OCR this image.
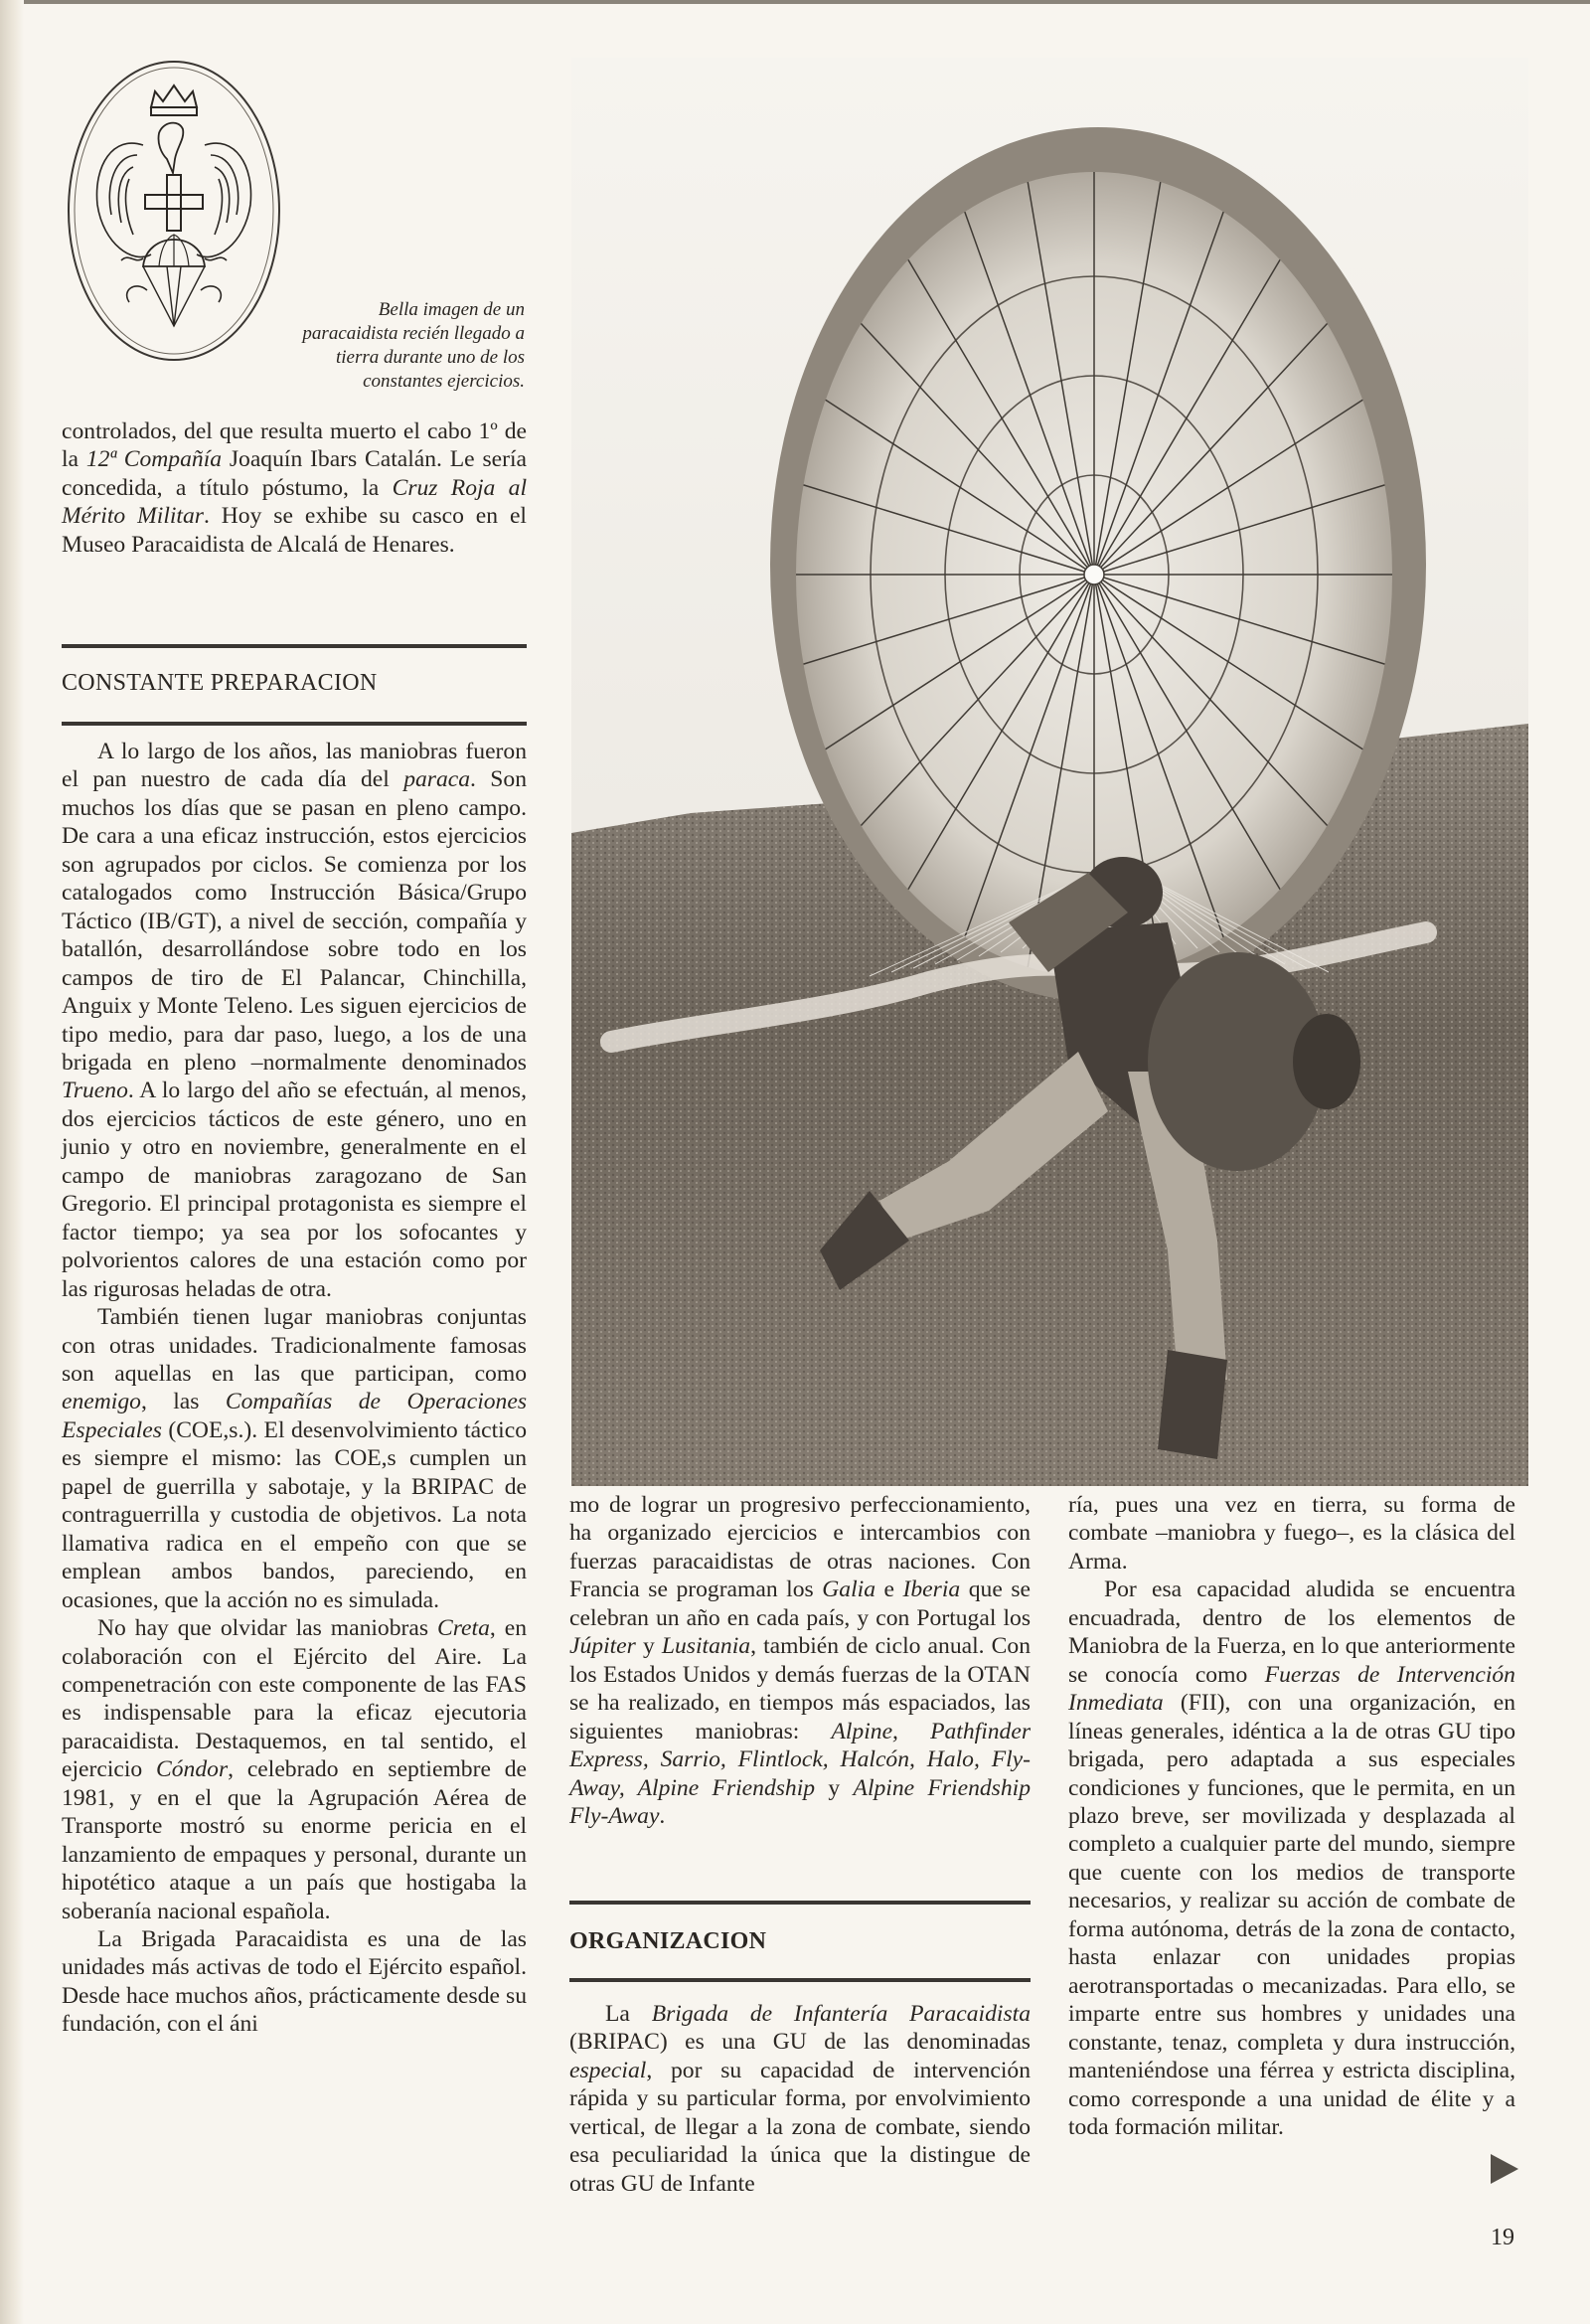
Bella imagen de un
paracaidista recién llegado a
tierra durante uno de los
constantes ejercicios.

controlados, del que resulta muerto el cabo 1º de la 12ª Compañía Joaquín Ibars Catalán. Le sería concedida, a título póstumo, la Cruz Roja al Mérito Militar. Hoy se exhibe su casco en el Museo Paracaidista de Alcalá de Henares.

CONSTANTE PREPARACION

A lo largo de los años, las maniobras fueron el pan nuestro de cada día del paraca. Son muchos los días que se pasan en pleno campo. De cara a una eficaz instrucción, estos ejercicios son agrupados por ciclos. Se comienza por los catalogados como Instrucción Básica/Grupo Táctico (IB/GT), a nivel de sección, compañía y batallón, desarrollándose sobre todo en los campos de tiro de El Palancar, Chinchilla, Anguix y Monte Teleno. Les siguen ejercicios de tipo medio, para dar paso, luego, a los de una brigada en pleno –normalmente denominados Trueno. A lo largo del año se efectuán, al menos, dos ejercicios tácticos de este género, uno en junio y otro en noviembre, generalmente en el campo de maniobras zaragozano de San Gregorio. El principal protagonista es siempre el factor tiempo; ya sea por los sofocantes y polvorientos calores de una estación como por las rigurosas heladas de otra.

También tienen lugar maniobras conjuntas con otras unidades. Tradicionalmente famosas son aquellas en las que participan, como enemigo, las Compañías de Operaciones Especiales (COE,s.). El desenvolvimiento táctico es siempre el mismo: las COE,s cumplen un papel de guerrilla y sabotaje, y la BRIPAC de contraguerrilla y custodia de objetivos. La nota llamativa radica en el empeño con que se emplean ambos bandos, pareciendo, en ocasiones, que la acción no es simulada.

No hay que olvidar las maniobras Creta, en colaboración con el Ejército del Aire. La compenetración con este componente de las FAS es indispensable para la eficaz ejecutoria paracaidista. Destaquemos, en tal sentido, el ejercicio Cóndor, celebrado en septiembre de 1981, y en el que la Agrupación Aérea de Transporte mostró su enorme pericia en el lanzamiento de empaques y personal, durante un hipotético ataque a un país que hostigaba la soberanía nacional española.

La Brigada Paracaidista es una de las unidades más activas de todo el Ejército español. Desde hace muchos años, prácticamente desde su fundación, con el áni

mo de lograr un progresivo perfeccionamiento, ha organizado ejercicios e intercambios con fuerzas paracaidistas de otras naciones. Con Francia se programan los Galia e Iberia que se celebran un año en cada país, y con Portugal los Júpiter y Lusitania, también de ciclo anual. Con los Estados Unidos y demás fuerzas de la OTAN se ha realizado, en tiempos más espaciados, las siguientes maniobras: Alpine, Pathfinder Express, Sarrio, Flintlock, Halcón, Halo, Fly-Away, Alpine Friendship y Alpine Friendship Fly-Away.

ORGANIZACION

La Brigada de Infantería Paracaidista (BRIPAC) es una GU de las denominadas especial, por su capacidad de intervención rápida y su particular forma, por envolvimiento vertical, de llegar a la zona de combate, siendo esa peculiaridad la única que la distingue de otras GU de Infante

ría, pues una vez en tierra, su forma de combate –maniobra y fuego–, es la clásica del Arma.

Por esa capacidad aludida se encuentra encuadrada, dentro de los elementos de Maniobra de la Fuerza, en lo que anteriormente se conocía como Fuerzas de Intervención Inmediata (FII), con una organización, en líneas generales, idéntica a la de otras GU tipo brigada, pero adaptada a sus especiales condiciones y funciones, que le permita, en un plazo breve, ser movilizada y desplazada al completo a cualquier parte del mundo, siempre que cuente con los medios de transporte necesarios, y realizar su acción de combate de forma autónoma, detrás de la zona de contacto, hasta enlazar con unidades propias aerotransportadas o mecanizadas. Para ello, se imparte entre sus hombres y unidades una constante, tenaz, completa y dura instrucción, manteniéndose una férrea y estricta disciplina, como corresponde a una unidad de élite y a toda formación militar.

19
